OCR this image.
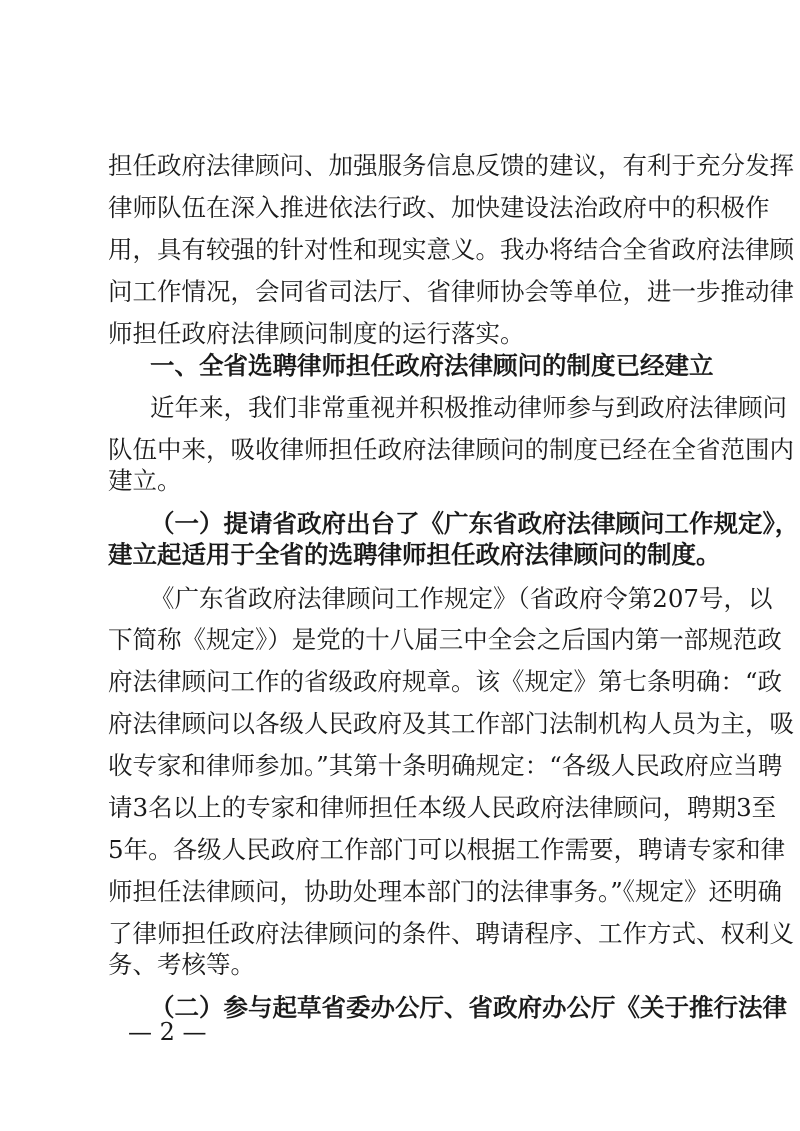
担任政府法律顾问、加强服务信息反馈的建议，有利于充分发挥
律师队伍在深入推进依法行政、加快建设法治政府中的积极作
用，具有较强的针对性和现实意义。我办将结合全省政府法律顾
问工作情况，会同省司法厅、省律师协会等单位，进一步推动律
师担任政府法律顾问制度的运行落实。
一、全省选聘律师担任政府法律顾问的制度已经建立
近年来，我们非常重视并积极推动律师参与到政府法律顾问
队伍中来，吸收律师担任政府法律顾问的制度已经在全省范围内
建立。
（一）提请省政府出台了《广东省政府法律顾问工作规定》，
建立起适用于全省的选聘律师担任政府法律顾问的制度。
《广东省政府法律顾问工作规定》（省政府令第207号，以
下简称《规定》）是党的十八届三中全会之后国内第一部规范政
府法律顾问工作的省级政府规章。该《规定》第七条明确：“政
府法律顾问以各级人民政府及其工作部门法制机构人员为主，吸
收专家和律师参加。”其第十条明确规定：“各级人民政府应当聘
请3名以上的专家和律师担任本级人民政府法律顾问，聘期3至
5年。各级人民政府工作部门可以根据工作需要，聘请专家和律
师担任法律顾问，协助处理本部门的法律事务。”《规定》还明确
了律师担任政府法律顾问的条件、聘请程序、工作方式、权利义
务、考核等。
（二）参与起草省委办公厅、省政府办公厅《关于推行法律
— 2 —
